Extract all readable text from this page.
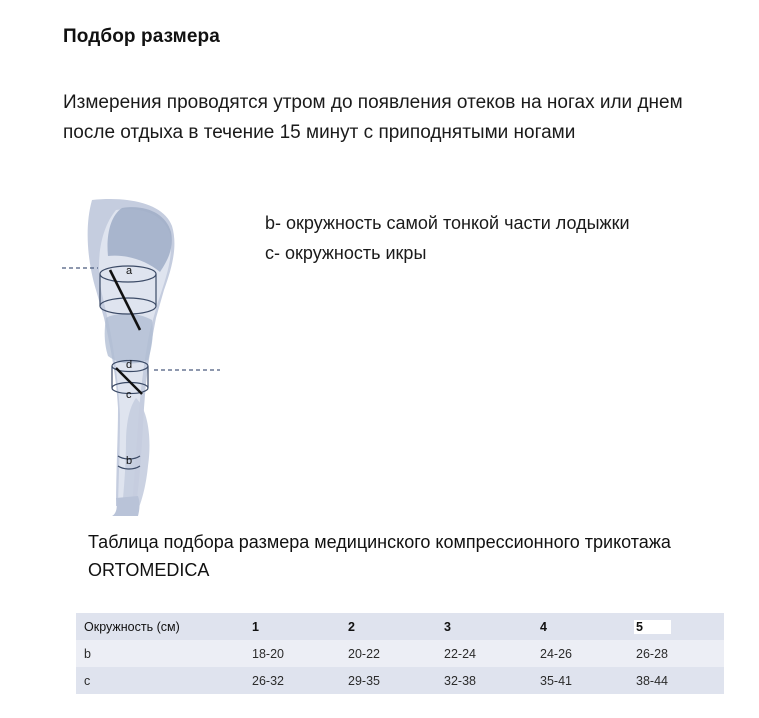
Подбор размера
Измерения проводятся утром до появления отеков на ногах или днем после отдыха в течение 15 минут с приподнятыми ногами
a
d
c
b
b- окружность самой тонкой части лодыжки
c- окружность икры
Таблица подбора размера медицинского компрессионного трикотажа ORTOMEDICA
Окружность (см)	1	2	3	4	5
b	18-20	20-22	22-24	24-26	26-28
c	26-32	29-35	32-38	35-41	38-44
